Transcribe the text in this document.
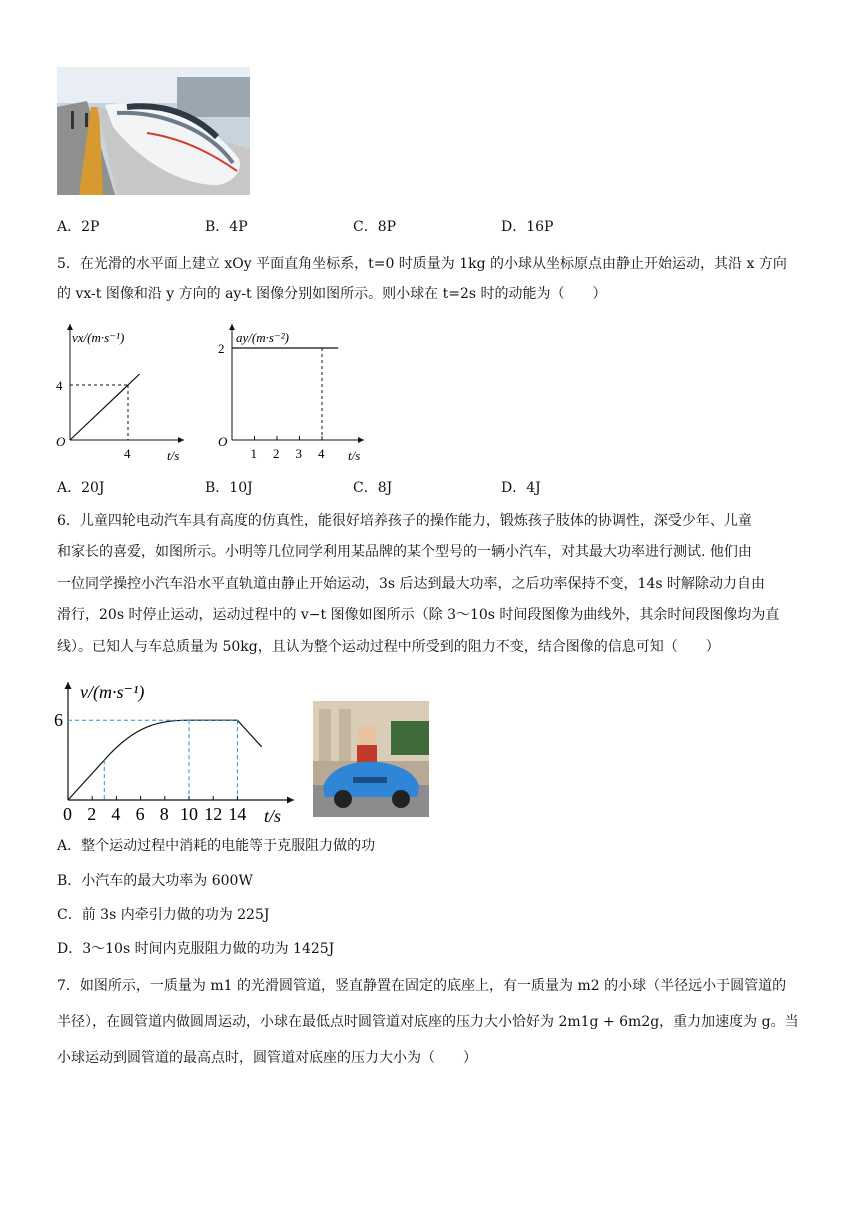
A．2P	B．4P	C．8P	D．16P
5．在光滑的水平面上建立 xOy 平面直角坐标系，t=0 时质量为 1kg 的小球从坐标原点由静止开始运动，其沿 x 方向
的 vx-t 图像和沿 y 方向的 ay-t 图像分别如图所示。则小球在 t=2s 时的动能为（　　）
4
4
vx/(m·s⁻¹)
t/s
O
1 2 3 4
2
ay/(m·s⁻²)
t/s
O
A．20J	B．10J	C．8J	D．4J
6．儿童四轮电动汽车具有高度的仿真性，能很好培养孩子的操作能力，锻炼孩子肢体的协调性，深受少年、儿童
和家长的喜爱，如图所示。小明等几位同学利用某品牌的某个型号的一辆小汽车，对其最大功率进行测试. 他们由
一位同学操控小汽车沿水平直轨道由静止开始运动，3s 后达到最大功率，之后功率保持不变，14s 时解除动力自由
滑行，20s 时停止运动，运动过程中的 v−t 图像如图所示（除 3～10s 时间段图像为曲线外，其余时间段图像均为直
线）。已知人与车总质量为 50kg，且认为整个运动过程中所受到的阻力不变，结合图像的信息可知（　　）
0 2 4 6 8 10 12 14
6
v/(m·s⁻¹)
t/s
A．整个运动过程中消耗的电能等于克服阻力做的功
B．小汽车的最大功率为 600W
C．前 3s 内牵引力做的功为 225J
D．3～10s 时间内克服阻力做的功为 1425J
7．如图所示，一质量为 m1 的光滑圆管道，竖直静置在固定的底座上，有一质量为 m2 的小球（半径远小于圆管道的
半径），在圆管道内做圆周运动，小球在最低点时圆管道对底座的压力大小恰好为 2m1g + 6m2g，重力加速度为 g。当
小球运动到圆管道的最高点时，圆管道对底座的压力大小为（　　）
